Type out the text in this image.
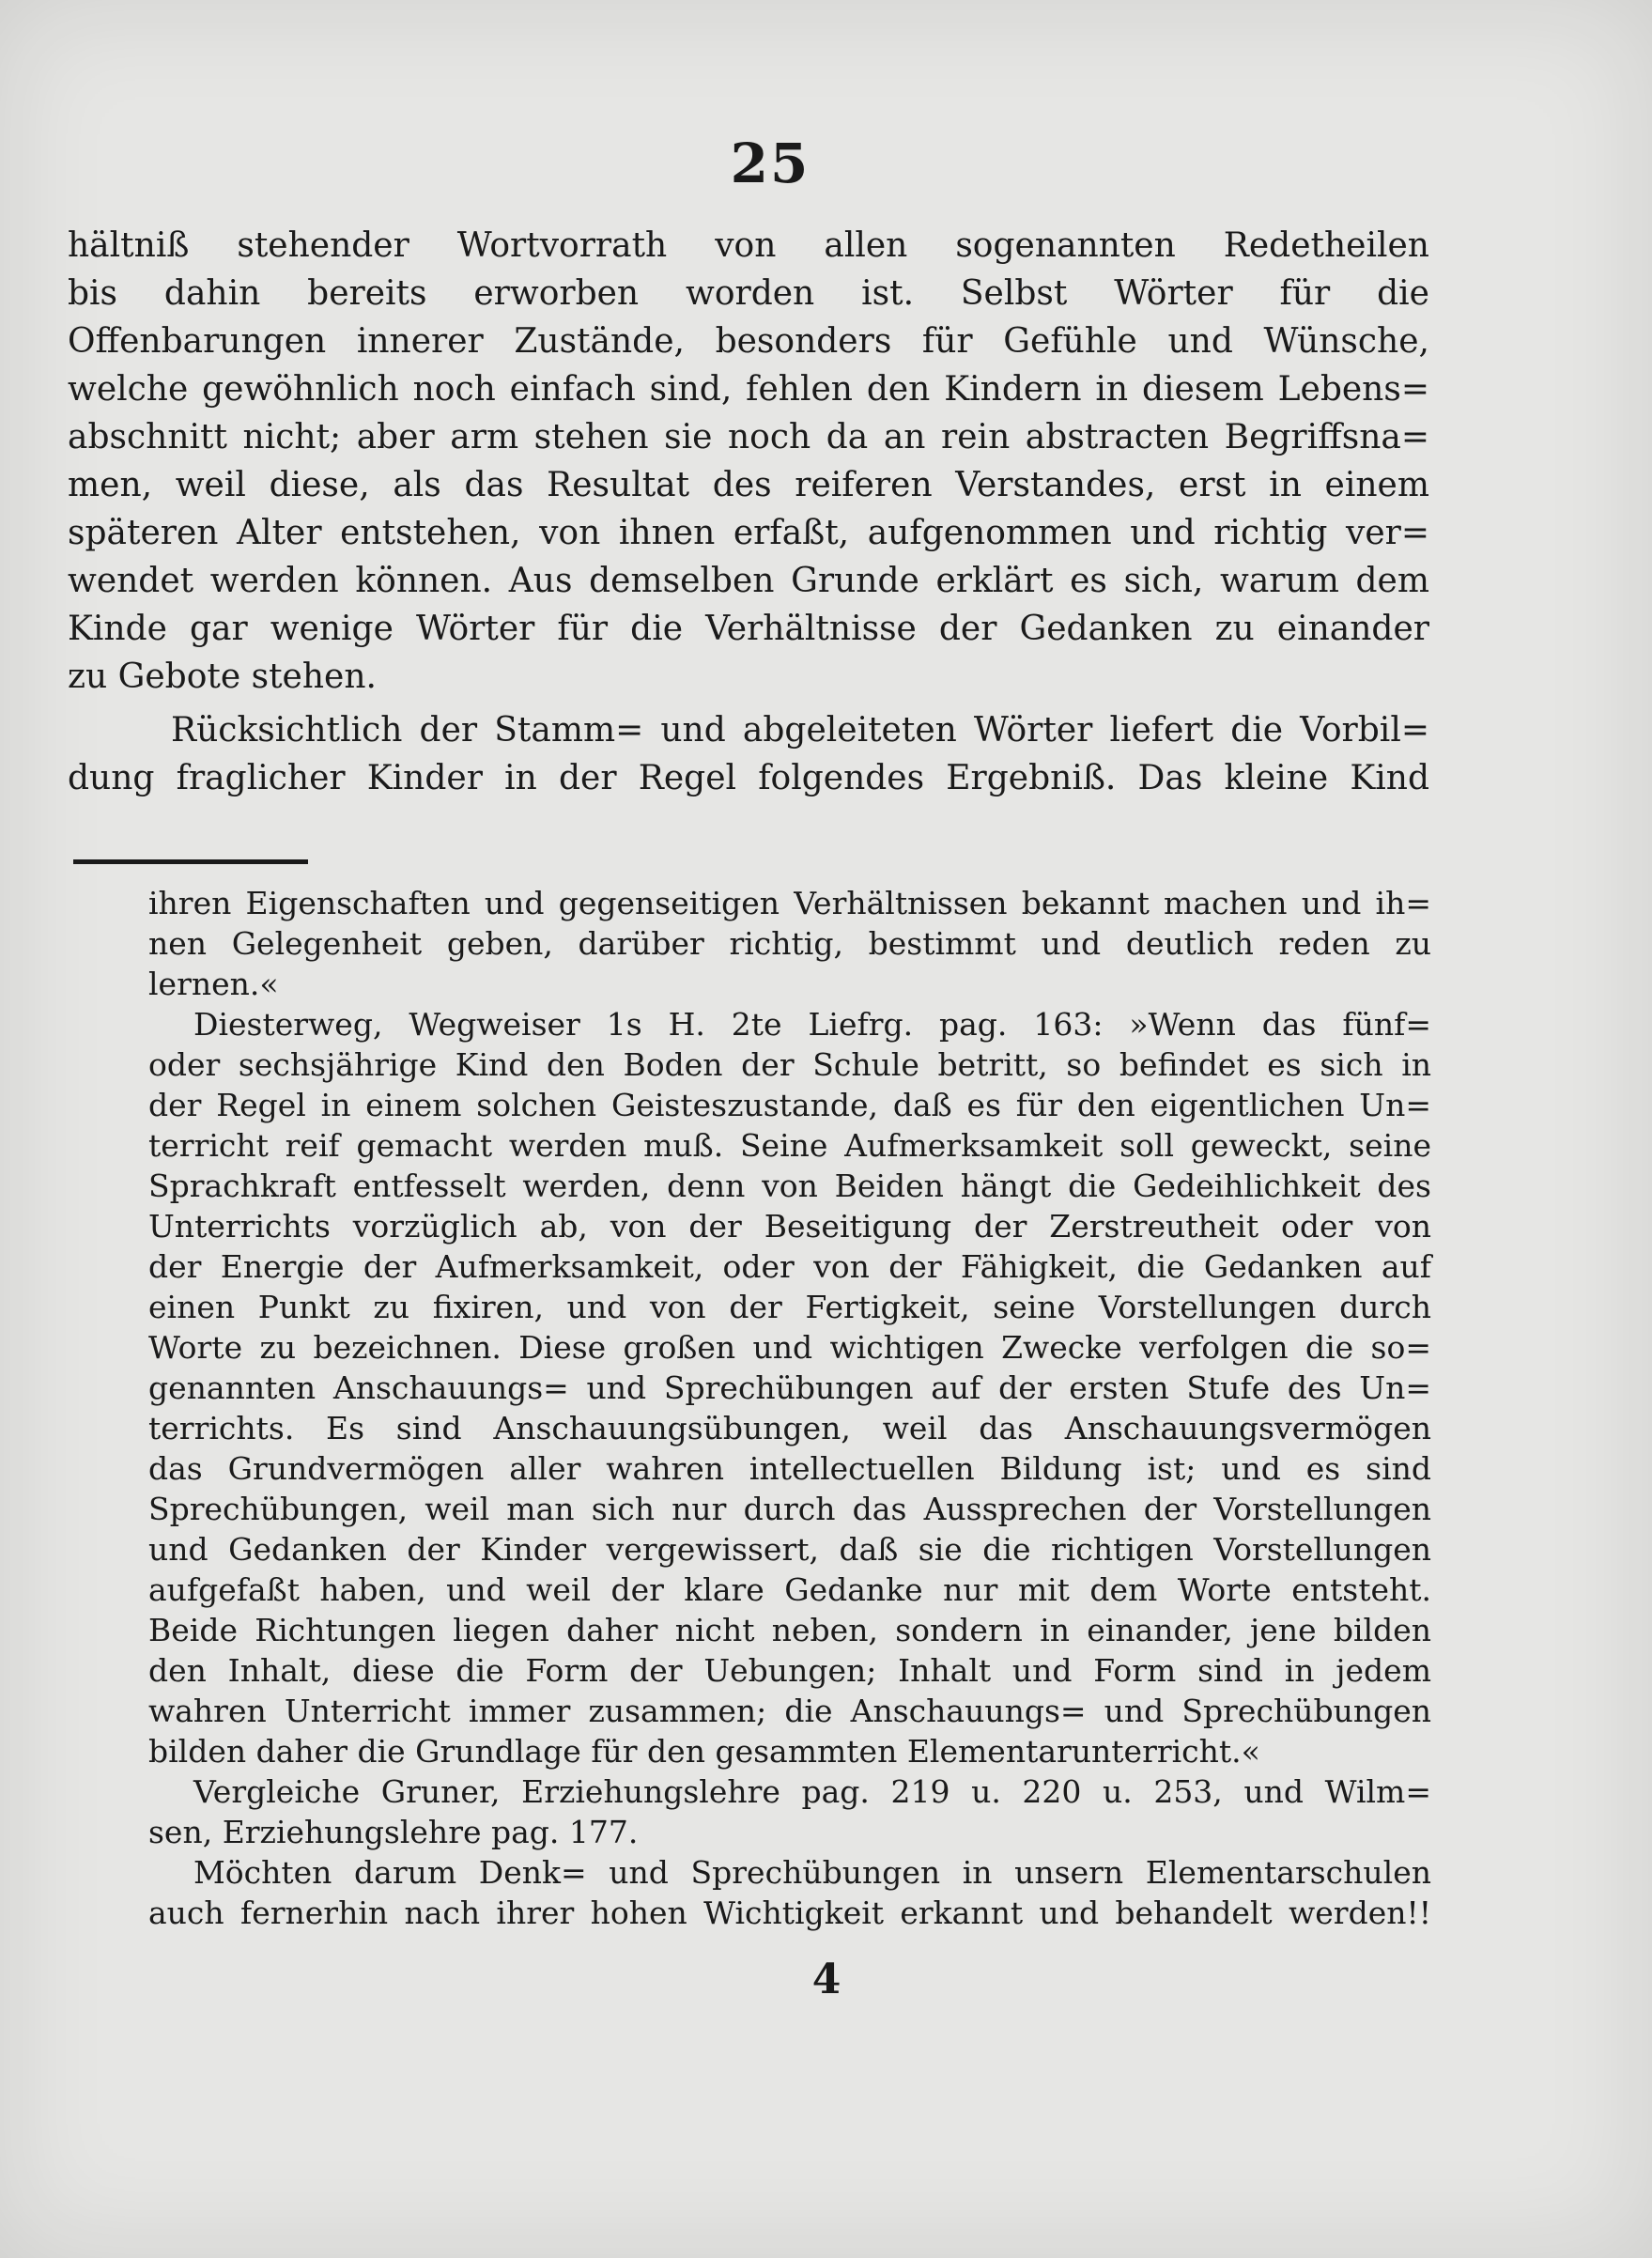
25
hältniß stehender Wortvorrath von allen sogenannten Redetheilen
bis dahin bereits erworben worden ist. Selbst Wörter für die
Offenbarungen innerer Zustände, besonders für Gefühle und Wünsche,
welche gewöhnlich noch einfach sind, fehlen den Kindern in diesem Lebens=
abschnitt nicht; aber arm stehen sie noch da an rein abstracten Begriffsna=
men, weil diese, als das Resultat des reiferen Verstandes, erst in einem
späteren Alter entstehen, von ihnen erfaßt, aufgenommen und richtig ver=
wendet werden können. Aus demselben Grunde erklärt es sich, warum dem
Kinde gar wenige Wörter für die Verhältnisse der Gedanken zu einander
zu Gebote stehen.
Rücksichtlich der Stamm= und abgeleiteten Wörter liefert die Vorbil=
dung fraglicher Kinder in der Regel folgendes Ergebniß. Das kleine Kind
ihren Eigenschaften und gegenseitigen Verhältnissen bekannt machen und ih=
nen Gelegenheit geben, darüber richtig, bestimmt und deutlich reden zu
lernen.«
Diesterweg, Wegweiser 1s H. 2te Liefrg. pag. 163: »Wenn das fünf=
oder sechsjährige Kind den Boden der Schule betritt, so befindet es sich in
der Regel in einem solchen Geisteszustande, daß es für den eigentlichen Un=
terricht reif gemacht werden muß. Seine Aufmerksamkeit soll geweckt, seine
Sprachkraft entfesselt werden, denn von Beiden hängt die Gedeihlichkeit des
Unterrichts vorzüglich ab, von der Beseitigung der Zerstreutheit oder von
der Energie der Aufmerksamkeit, oder von der Fähigkeit, die Gedanken auf
einen Punkt zu fixiren, und von der Fertigkeit, seine Vorstellungen durch
Worte zu bezeichnen. Diese großen und wichtigen Zwecke verfolgen die so=
genannten Anschauungs= und Sprechübungen auf der ersten Stufe des Un=
terrichts. Es sind Anschauungsübungen, weil das Anschauungsvermögen
das Grundvermögen aller wahren intellectuellen Bildung ist; und es sind
Sprechübungen, weil man sich nur durch das Aussprechen der Vorstellungen
und Gedanken der Kinder vergewissert, daß sie die richtigen Vorstellungen
aufgefaßt haben, und weil der klare Gedanke nur mit dem Worte entsteht.
Beide Richtungen liegen daher nicht neben, sondern in einander, jene bilden
den Inhalt, diese die Form der Uebungen; Inhalt und Form sind in jedem
wahren Unterricht immer zusammen; die Anschauungs= und Sprechübungen
bilden daher die Grundlage für den gesammten Elementarunterricht.«
Vergleiche Gruner, Erziehungslehre pag. 219 u. 220 u. 253, und Wilm=
sen, Erziehungslehre pag. 177.
Möchten darum Denk= und Sprechübungen in unsern Elementarschulen
auch fernerhin nach ihrer hohen Wichtigkeit erkannt und behandelt werden!!
4
